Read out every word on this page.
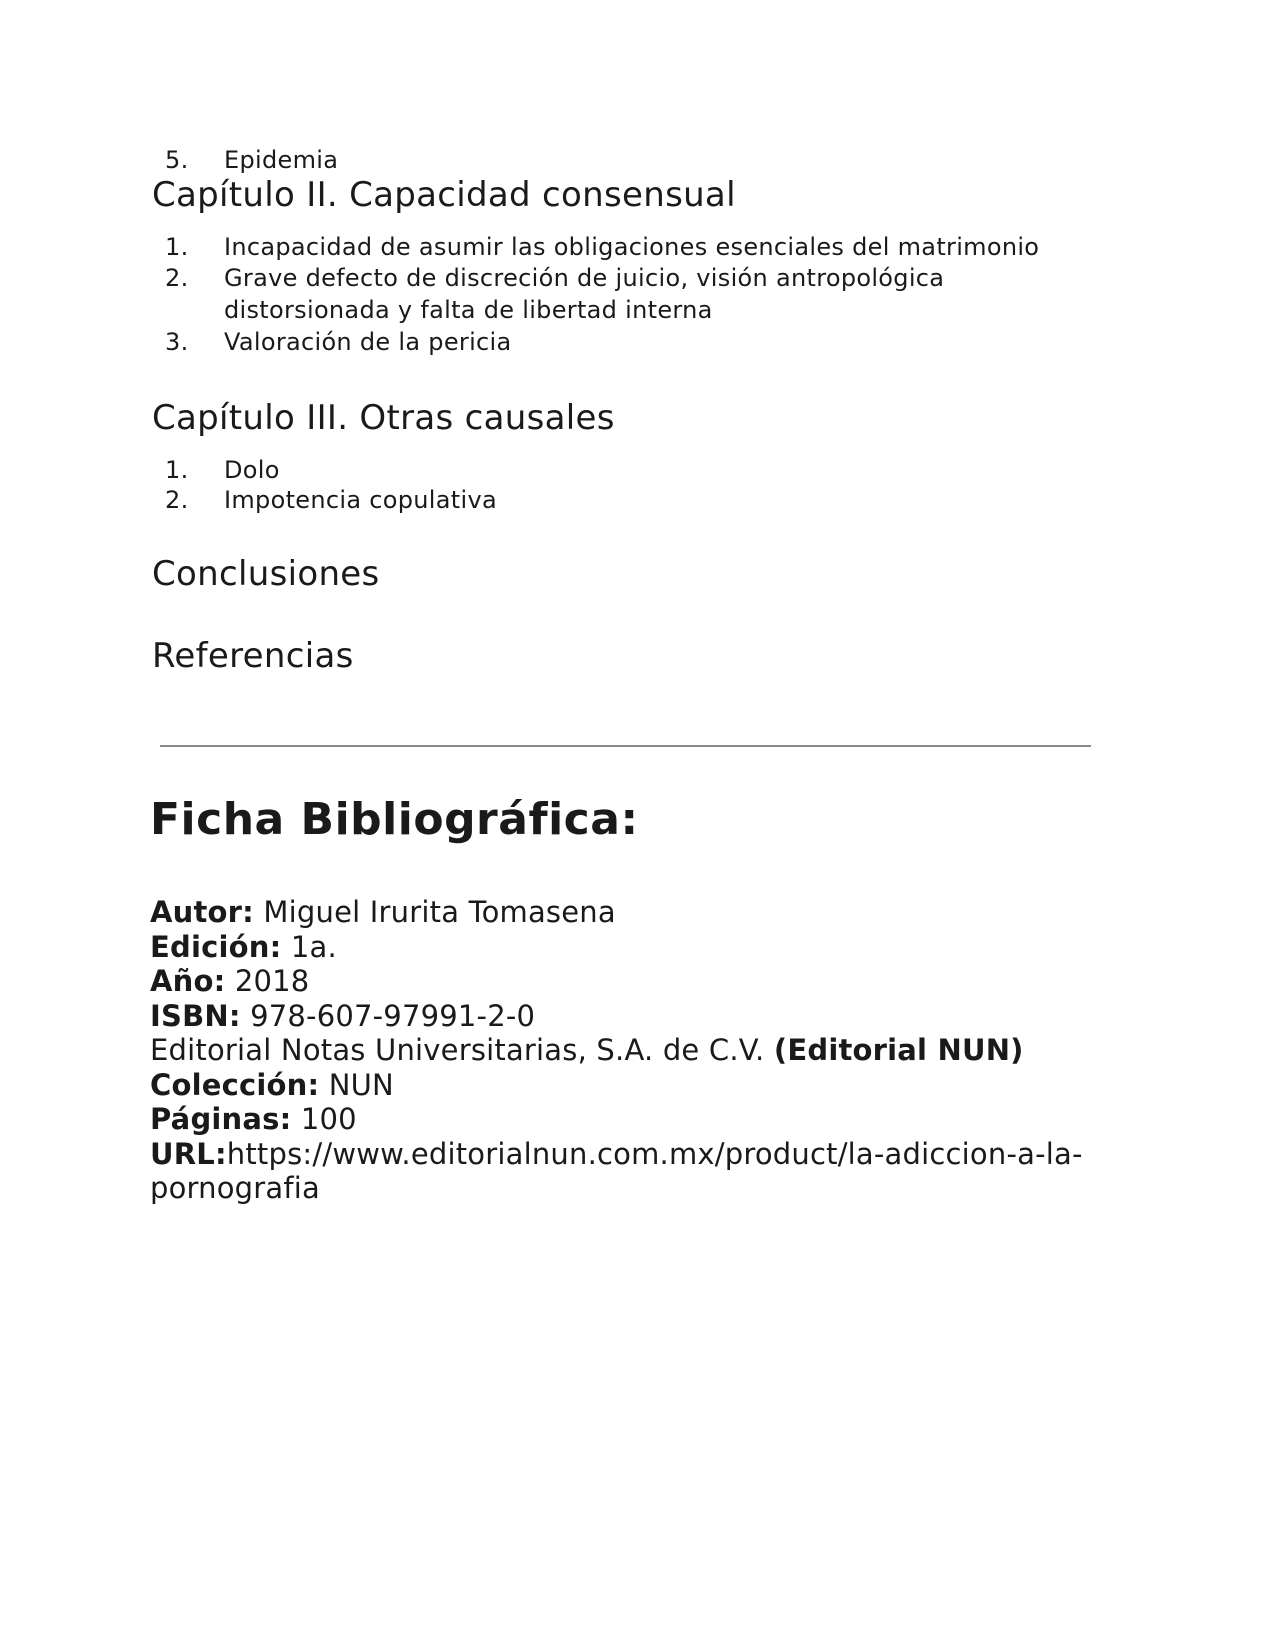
5. Epidemia
Capítulo II. Capacidad consensual
1. Incapacidad de asumir las obligaciones esenciales del matrimonio
2. Grave defecto de discreción de juicio, visión antropológica
distorsionada y falta de libertad interna
3. Valoración de la pericia
Capítulo III. Otras causales
1. Dolo
2. Impotencia copulativa
Conclusiones
Referencias
Ficha Bibliográfica:
Autor: Miguel Irurita Tomasena
Edición: 1a.
Año: 2018
ISBN: 978-607-97991-2-0
Editorial Notas Universitarias, S.A. de C.V. (Editorial NUN)
Colección: NUN
Páginas: 100
URL:https://www.editorialnun.com.mx/product/la-adiccion-a-la-pornografia
